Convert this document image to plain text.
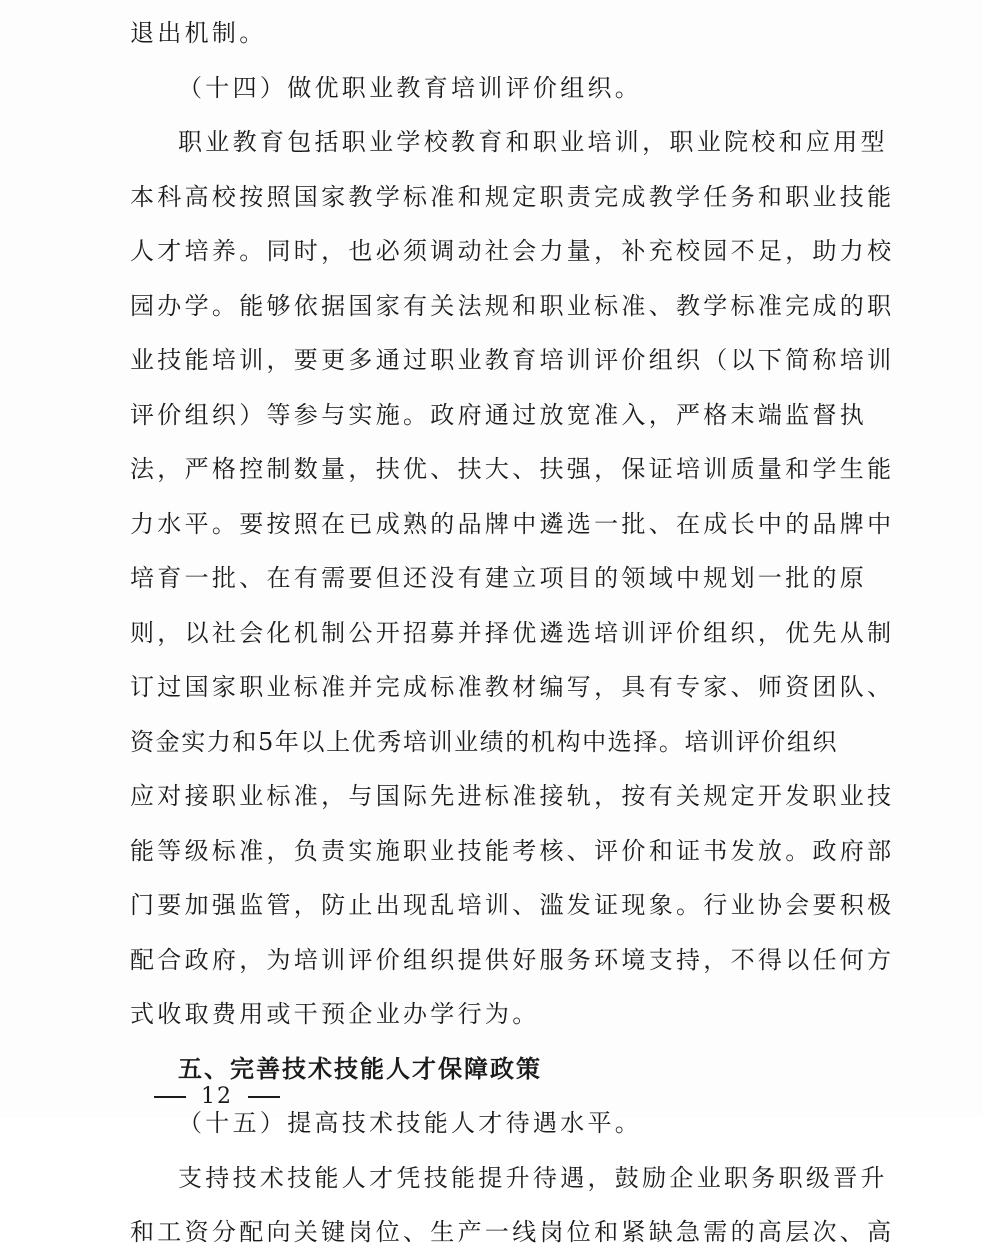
退出机制。
（十四）做优职业教育培训评价组织。
职业教育包括职业学校教育和职业培训，职业院校和应用型
本科高校按照国家教学标准和规定职责完成教学任务和职业技能
人才培养。同时，也必须调动社会力量，补充校园不足，助力校
园办学。能够依据国家有关法规和职业标准、教学标准完成的职
业技能培训，要更多通过职业教育培训评价组织（以下简称培训
评价组织）等参与实施。政府通过放宽准入，严格末端监督执
法，严格控制数量，扶优、扶大、扶强，保证培训质量和学生能
力水平。要按照在已成熟的品牌中遴选一批、在成长中的品牌中
培育一批、在有需要但还没有建立项目的领域中规划一批的原
则，以社会化机制公开招募并择优遴选培训评价组织，优先从制
订过国家职业标准并完成标准教材编写，具有专家、师资团队、
资金实力和5年以上优秀培训业绩的机构中选择。培训评价组织
应对接职业标准，与国际先进标准接轨，按有关规定开发职业技
能等级标准，负责实施职业技能考核、评价和证书发放。政府部
门要加强监管，防止出现乱培训、滥发证现象。行业协会要积极
配合政府，为培训评价组织提供好服务环境支持，不得以任何方
式收取费用或干预企业办学行为。
五、完善技术技能人才保障政策
（十五）提高技术技能人才待遇水平。
支持技术技能人才凭技能提升待遇，鼓励企业职务职级晋升
和工资分配向关键岗位、生产一线岗位和紧缺急需的高层次、高
12
